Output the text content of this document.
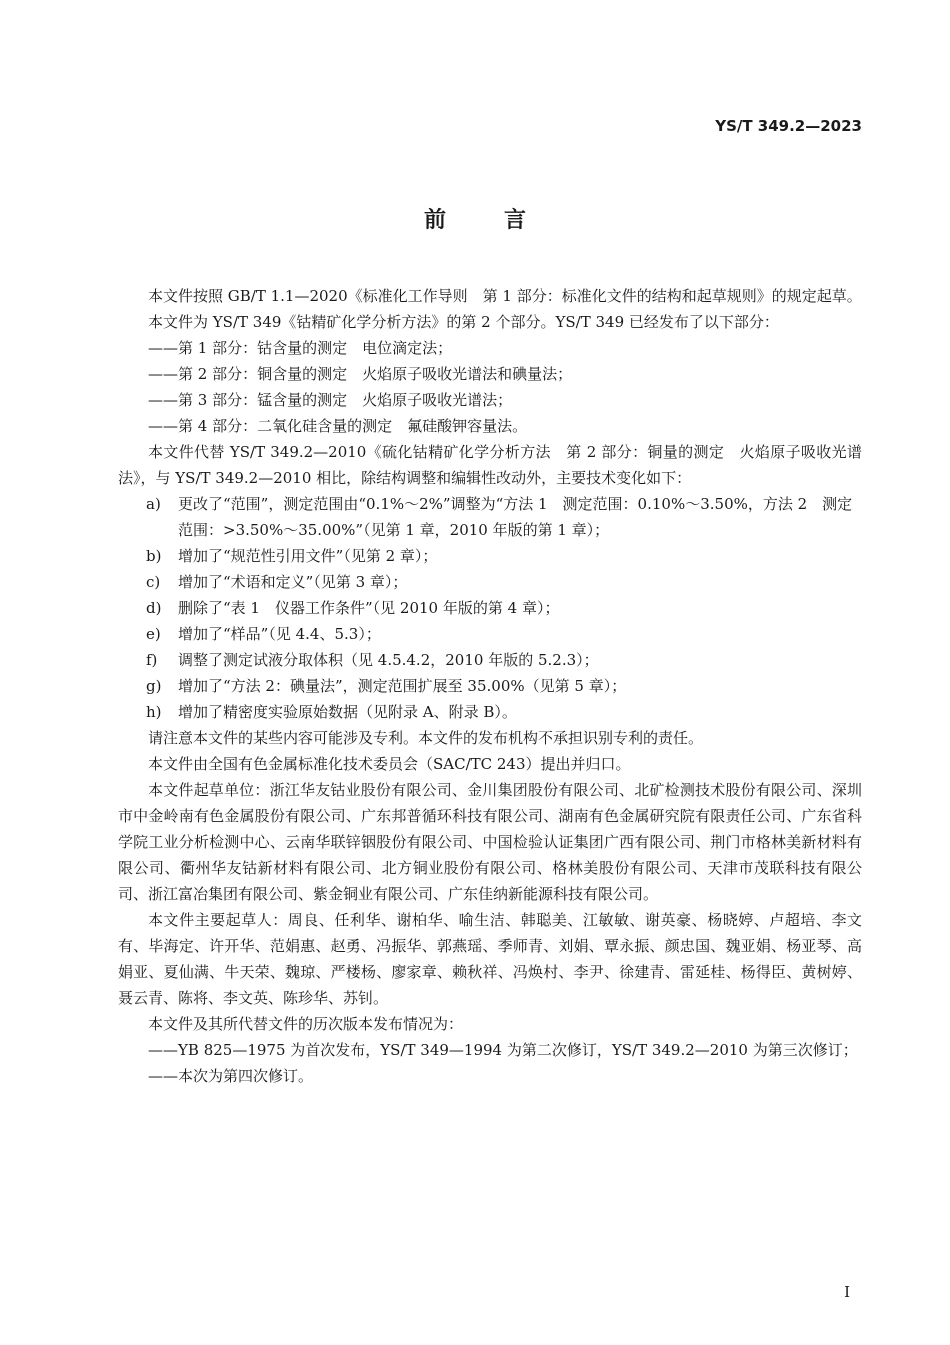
YS/T 349.2—2023
前言

本文件按照 GB/T 1.1—2020《标准化工作导则　第 1 部分：标准化文件的结构和起草规则》的规定起草。

本文件为 YS/T 349《钴精矿化学分析方法》的第 2 个部分。YS/T 349 已经发布了以下部分：

——第 1 部分：钴含量的测定　电位滴定法；

——第 2 部分：铜含量的测定　火焰原子吸收光谱法和碘量法；

——第 3 部分：锰含量的测定　火焰原子吸收光谱法；

——第 4 部分：二氧化硅含量的测定　氟硅酸钾容量法。

本文件代替 YS/T 349.2—2010《硫化钴精矿化学分析方法　第 2 部分：铜量的测定　火焰原子吸收光谱法》，与 YS/T 349.2—2010 相比，除结构调整和编辑性改动外，主要技术变化如下：

a) 更改了“范围”，测定范围由“0.1%～2%”调整为“方法 1　测定范围：0.10%～3.50%，方法 2　测定范围：>3.50%～35.00%”（见第 1 章，2010 年版的第 1 章）；

b) 增加了“规范性引用文件”（见第 2 章）；

c) 增加了“术语和定义”（见第 3 章）；

d) 删除了“表 1　仪器工作条件”（见 2010 年版的第 4 章）；

e) 增加了“样品”（见 4.4、5.3）；

f) 调整了测定试液分取体积（见 4.5.4.2，2010 年版的 5.2.3）；

g) 增加了“方法 2：碘量法”，测定范围扩展至 35.00%（见第 5 章）；

h) 增加了精密度实验原始数据（见附录 A、附录 B）。

请注意本文件的某些内容可能涉及专利。本文件的发布机构不承担识别专利的责任。

本文件由全国有色金属标准化技术委员会（SAC/TC 243）提出并归口。

本文件起草单位：浙江华友钴业股份有限公司、金川集团股份有限公司、北矿检测技术股份有限公司、深圳市中金岭南有色金属股份有限公司、广东邦普循环科技有限公司、湖南有色金属研究院有限责任公司、广东省科学院工业分析检测中心、云南华联锌铟股份有限公司、中国检验认证集团广西有限公司、荆门市格林美新材料有限公司、衢州华友钴新材料有限公司、北方铜业股份有限公司、格林美股份有限公司、天津市茂联科技有限公司、浙江富冶集团有限公司、紫金铜业有限公司、广东佳纳新能源科技有限公司。

本文件主要起草人：周良、任利华、谢柏华、喻生洁、韩聪美、江敏敏、谢英豪、杨晓婷、卢超培、李文有、毕海定、许开华、范娟惠、赵勇、冯振华、郭燕瑶、季师青、刘娟、覃永振、颜忠国、魏亚娟、杨亚琴、高娟亚、夏仙满、牛天荣、魏琼、严楼杨、廖家章、赖秋祥、冯焕村、李尹、徐建青、雷延桂、杨得臣、黄树婷、聂云青、陈将、李文英、陈珍华、苏钊。

本文件及其所代替文件的历次版本发布情况为：

——YB 825—1975 为首次发布，YS/T 349—1994 为第二次修订，YS/T 349.2—2010 为第三次修订；

——本次为第四次修订。

I
